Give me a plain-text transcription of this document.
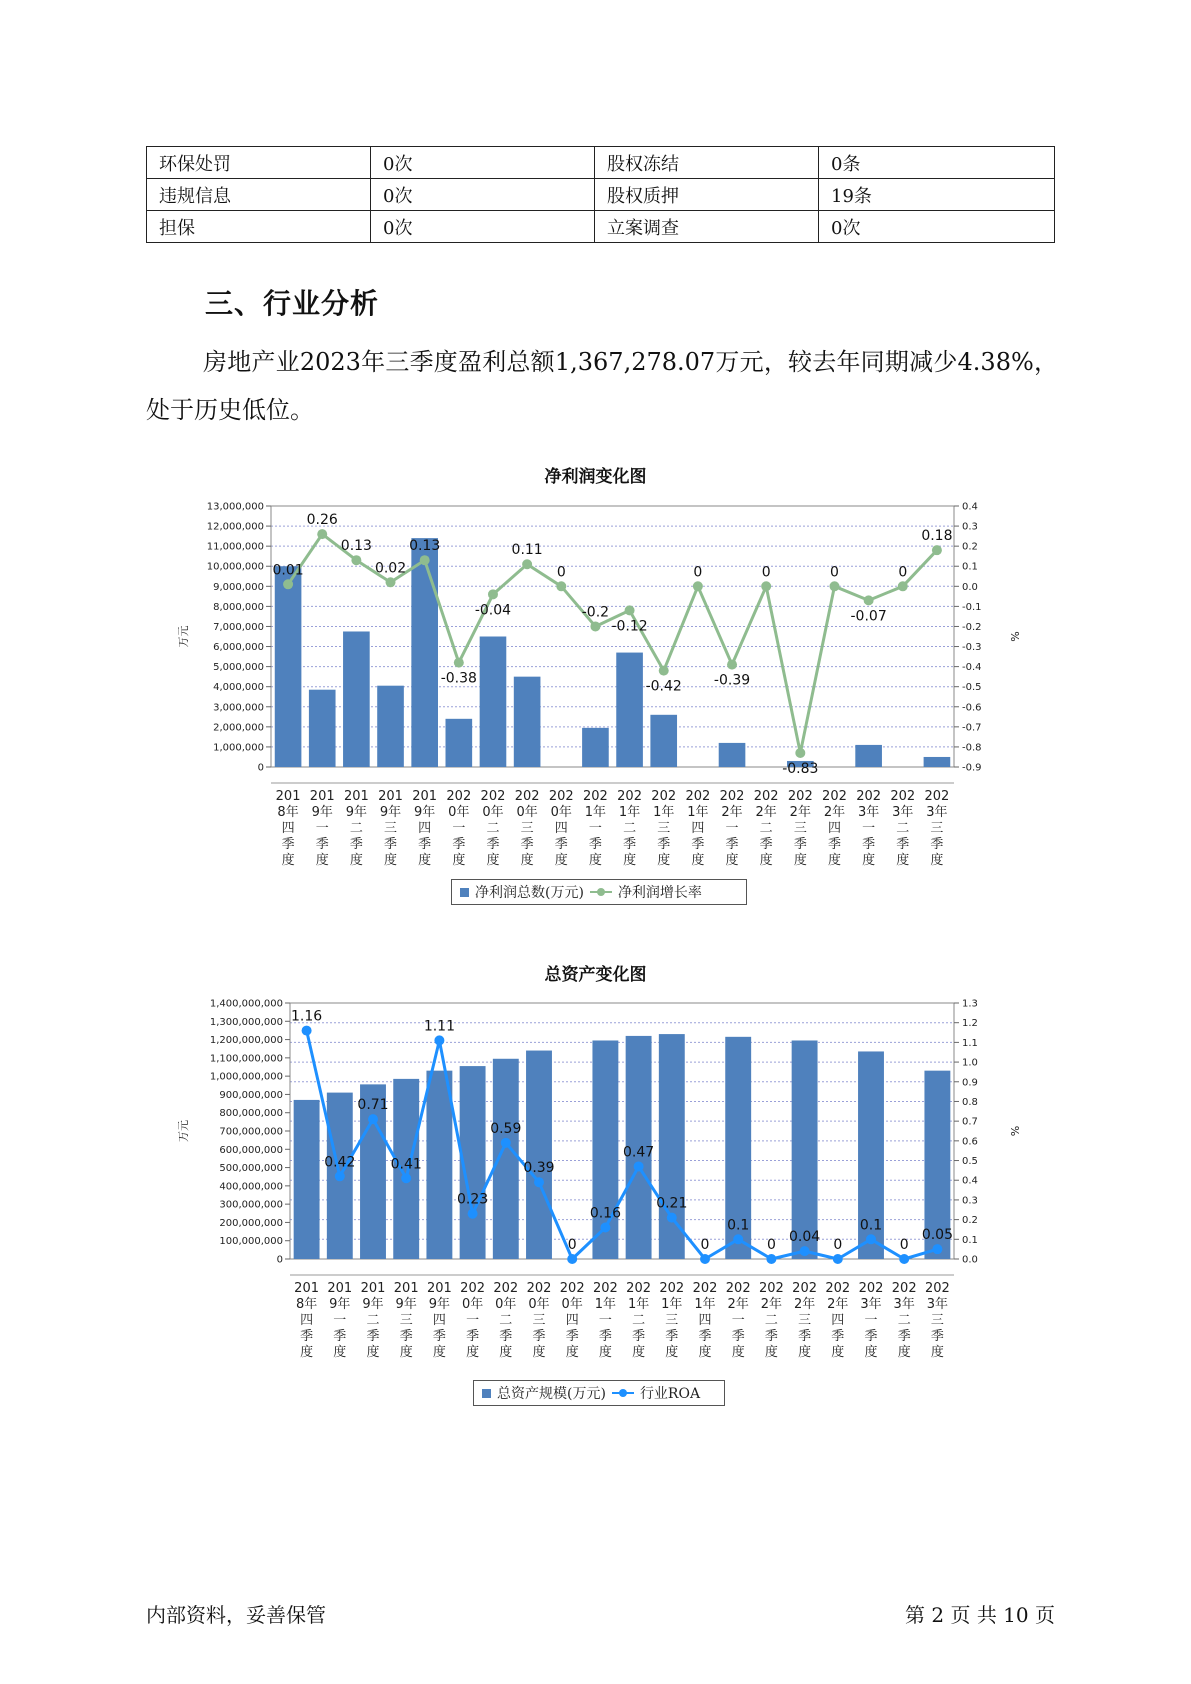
环保处罚	0次	股权冻结	0条
违规信息	0次	股权质押	19条
担保	0次	立案调查	0次
三、行业分析

房地产业2023年三季度盈利总额1,367,278.07万元，较去年同期减少4.38%，处于历史低位。

净利润变化图
0
1,000,000
2,000,000
3,000,000
4,000,000
5,000,000
6,000,000
7,000,000
8,000,000
9,000,000
10,000,000
11,000,000
12,000,000
13,000,000	0.4
0.3
0.2
0.1
0.0
-0.1
-0.2
-0.3
-0.4
-0.5
-0.6
-0.7
-0.8
-0.9
万元	%
0.01
0.26
0.13
0.02
0.13
-0.38
-0.04
0.11
0
-0.2
-0.12
-0.42
0
-0.39
0
-0.83
0
-0.07
0
0.18
201
8年
四
季
度
201
9年
一
季
度
201
9年
二
季
度
201
9年
三
季
度
201
9年
四
季
度
202
0年
一
季
度
202
0年
二
季
度
202
0年
三
季
度
202
0年
四
季
度
202
1年
一
季
度
202
1年
二
季
度
202
1年
三
季
度
202
1年
四
季
度
202
2年
一
季
度
202
2年
二
季
度
202
2年
三
季
度
202
2年
四
季
度
202
3年
一
季
度
202
3年
二
季
度
202
3年
三
季
度
净利润总数(万元) 净利润增长率
总资产变化图
0
100,000,000
200,000,000
300,000,000
400,000,000
500,000,000
600,000,000
700,000,000
800,000,000
900,000,000
1,000,000,000
1,100,000,000
1,200,000,000
1,300,000,000
1,400,000,000	1.3
1.2
1.1
1.0
0.9
0.8
0.7
0.6
0.5
0.4
0.3
0.2
0.1
0.0
万元	%
1.16
0.42
0.71
0.41
1.11
0.23
0.59
0.39
0
0.16
0.47
0.21
0
0.1
0 0.04 0
0.1
0
0.05
201
8年
四
季
度
201
9年
一
季
度
201
9年
二
季
度
201
9年
三
季
度
201
9年
四
季
度
202
0年
一
季
度
202
0年
二
季
度
202
0年
三
季
度
202
0年
四
季
度
202
1年
一
季
度
202
1年
二
季
度
202
1年
三
季
度
202
1年
四
季
度
202
2年
一
季
度
202
2年
二
季
度
202
2年
三
季
度
202
2年
四
季
度
202
3年
一
季
度
202
3年
二
季
度
202
3年
三
季
度
总资产规模(万元) 行业ROA
内部资料，妥善保管	第 2 页 共 10 页
